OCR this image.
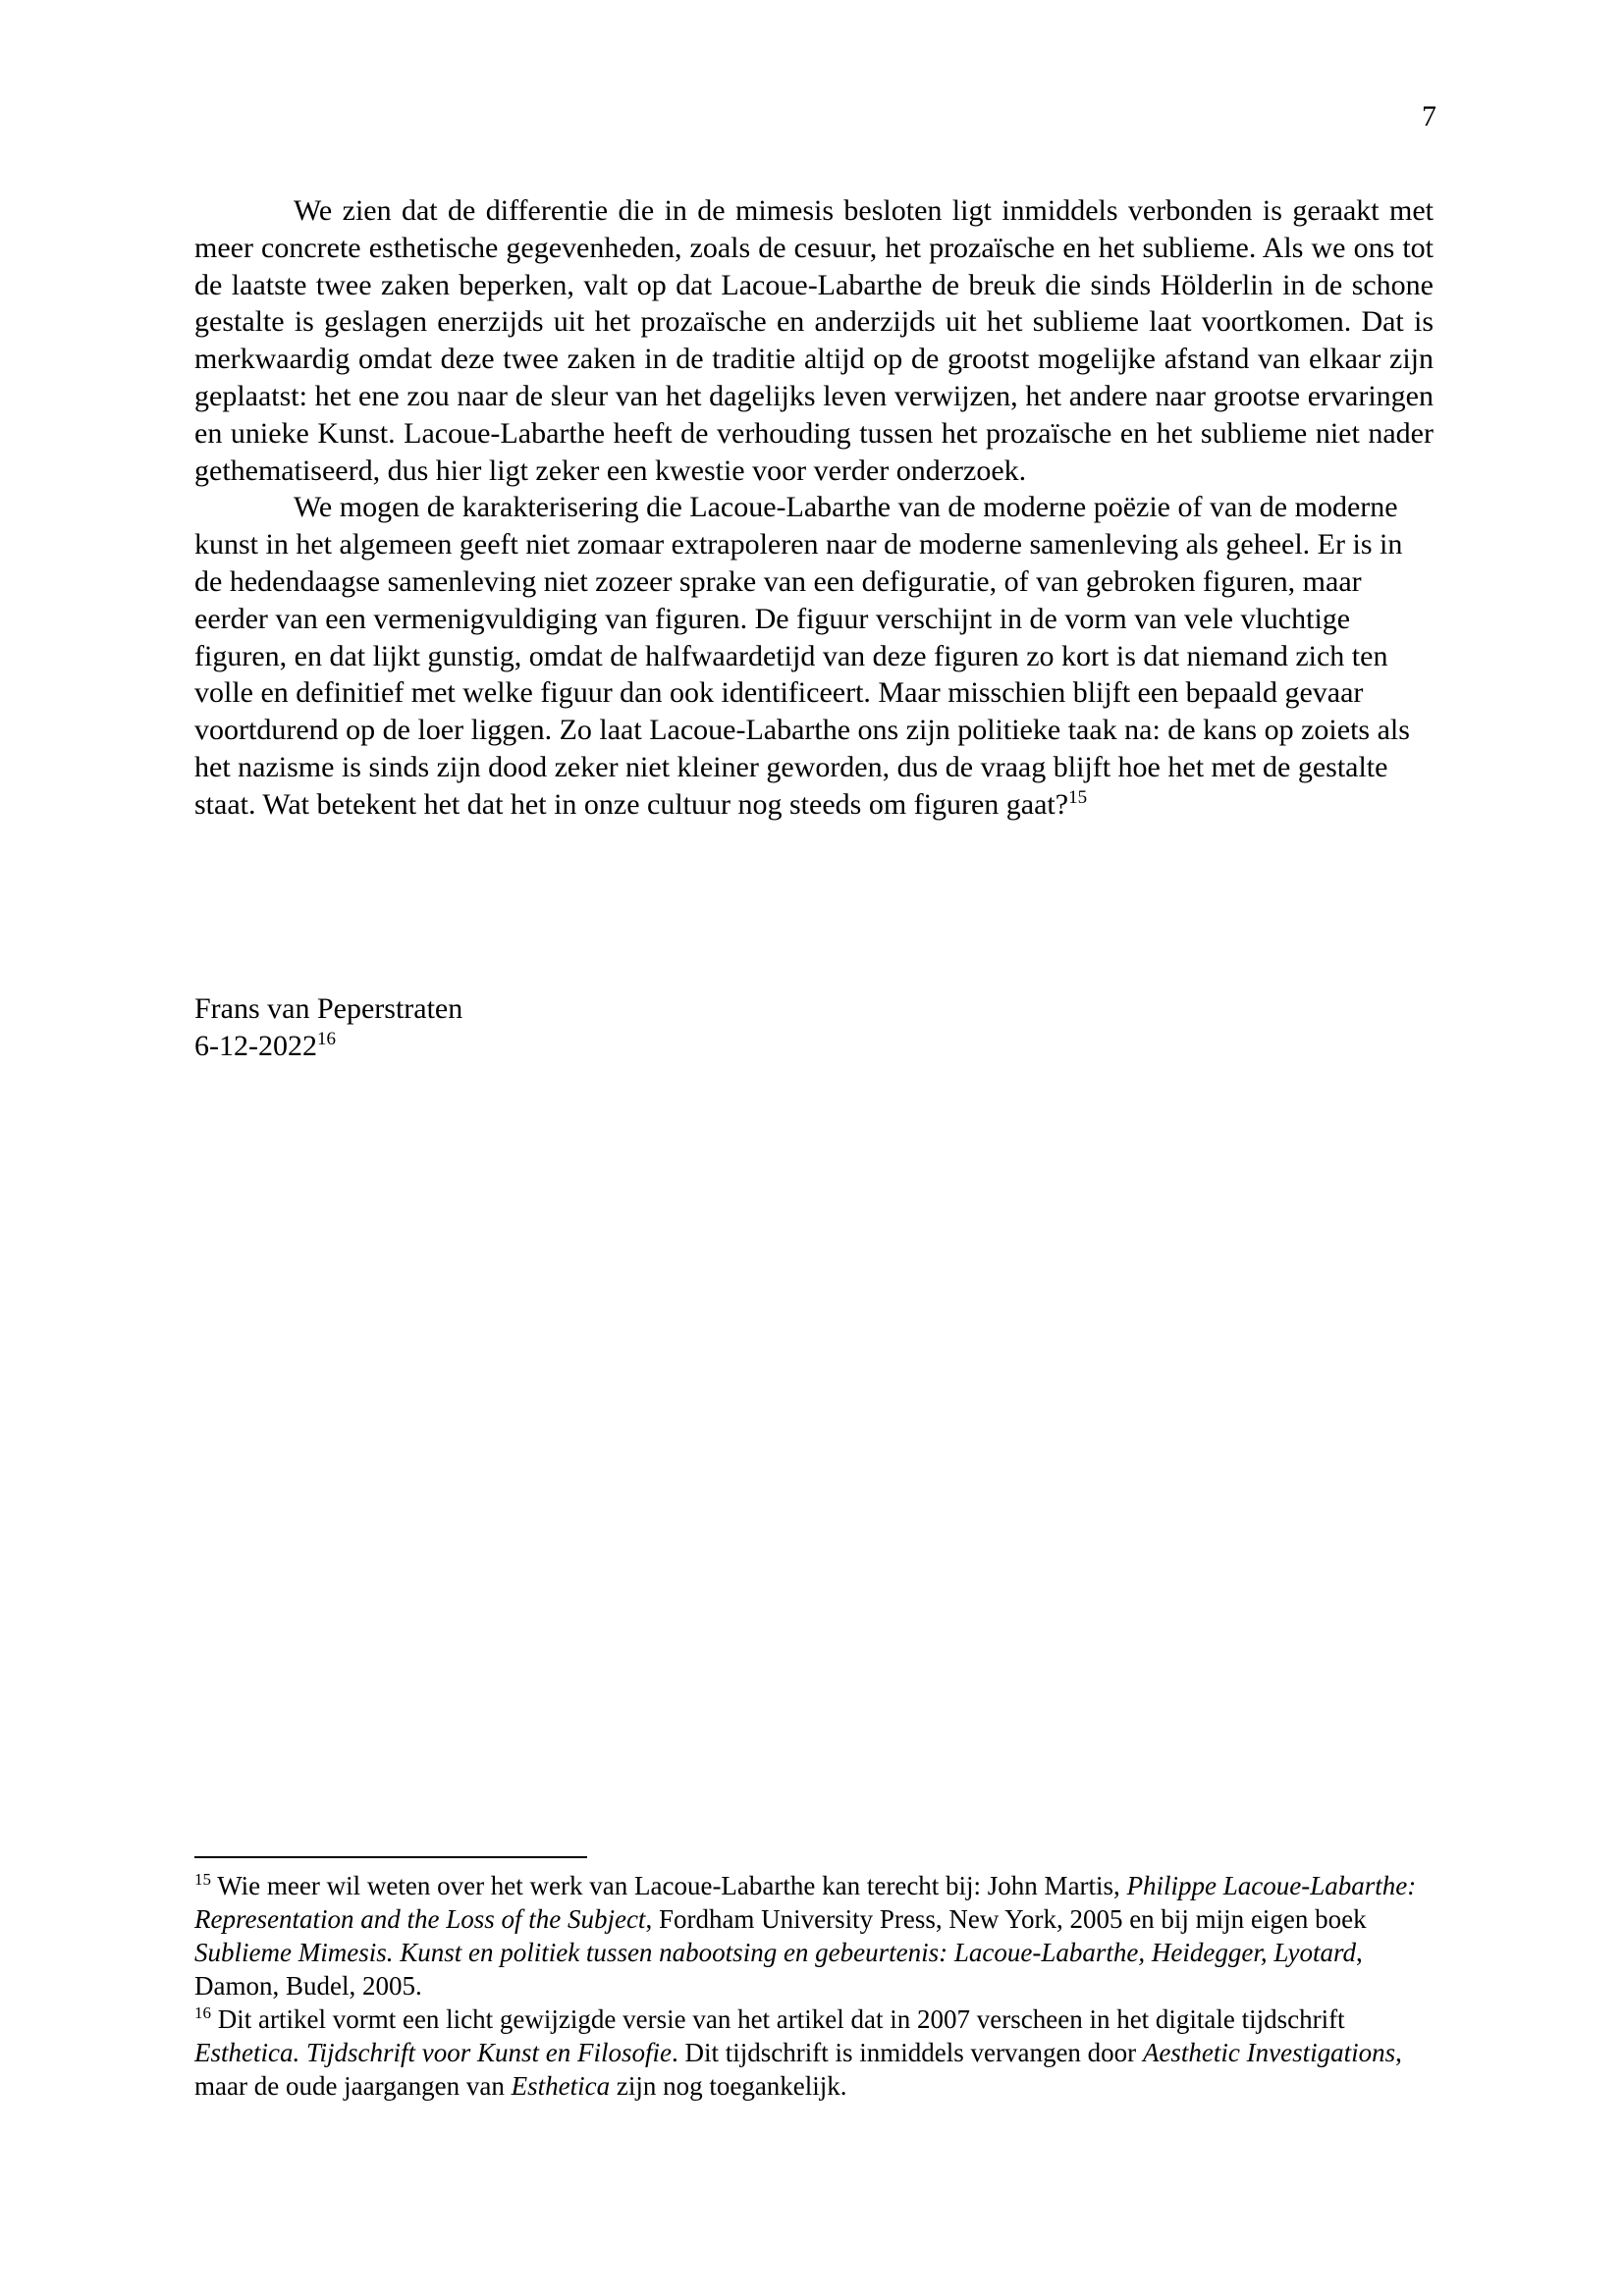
7

We zien dat de differentie die in de mimesis besloten ligt inmiddels verbonden is geraakt met meer concrete esthetische gegevenheden, zoals de cesuur, het prozaïsche en het sublieme. Als we ons tot de laatste twee zaken beperken, valt op dat Lacoue-Labarthe de breuk die sinds Hölderlin in de schone gestalte is geslagen enerzijds uit het prozaïsche en anderzijds uit het sublieme laat voortkomen. Dat is merkwaardig omdat deze twee zaken in de traditie altijd op de grootst mogelijke afstand van elkaar zijn geplaatst: het ene zou naar de sleur van het dagelijks leven verwijzen, het andere naar grootse ervaringen en unieke Kunst. Lacoue-Labarthe heeft de verhouding tussen het prozaïsche en het sublieme niet nader gethematiseerd, dus hier ligt zeker een kwestie voor verder onderzoek.

We mogen de karakterisering die Lacoue-Labarthe van de moderne poëzie of van de moderne kunst in het algemeen geeft niet zomaar extrapoleren naar de moderne samenleving als geheel. Er is in de hedendaagse samenleving niet zozeer sprake van een defiguratie, of van gebroken figuren, maar eerder van een vermenigvuldiging van figuren. De figuur verschijnt in de vorm van vele vluchtige figuren, en dat lijkt gunstig, omdat de halfwaardetijd van deze figuren zo kort is dat niemand zich ten volle en definitief met welke figuur dan ook identificeert. Maar misschien blijft een bepaald gevaar voortdurend op de loer liggen. Zo laat Lacoue-Labarthe ons zijn politieke taak na: de kans op zoiets als het nazisme is sinds zijn dood zeker niet kleiner geworden, dus de vraag blijft hoe het met de gestalte staat. Wat betekent het dat het in onze cultuur nog steeds om figuren gaat?$^{15}$

Frans van Peperstraten
6-12-2022$^{16}$

$^{15}$ Wie meer wil weten over het werk van Lacoue-Labarthe kan terecht bij: John Martis, Philippe Lacoue-Labarthe: Representation and the Loss of the Subject, Fordham University Press, New York, 2005 en bij mijn eigen boek Sublieme Mimesis. Kunst en politiek tussen nabootsing en gebeurtenis: Lacoue-Labarthe, Heidegger, Lyotard, Damon, Budel, 2005.

$^{16}$ Dit artikel vormt een licht gewijzigde versie van het artikel dat in 2007 verscheen in het digitale tijdschrift Esthetica. Tijdschrift voor Kunst en Filosofie. Dit tijdschrift is inmiddels vervangen door Aesthetic Investigations, maar de oude jaargangen van Esthetica zijn nog toegankelijk.
